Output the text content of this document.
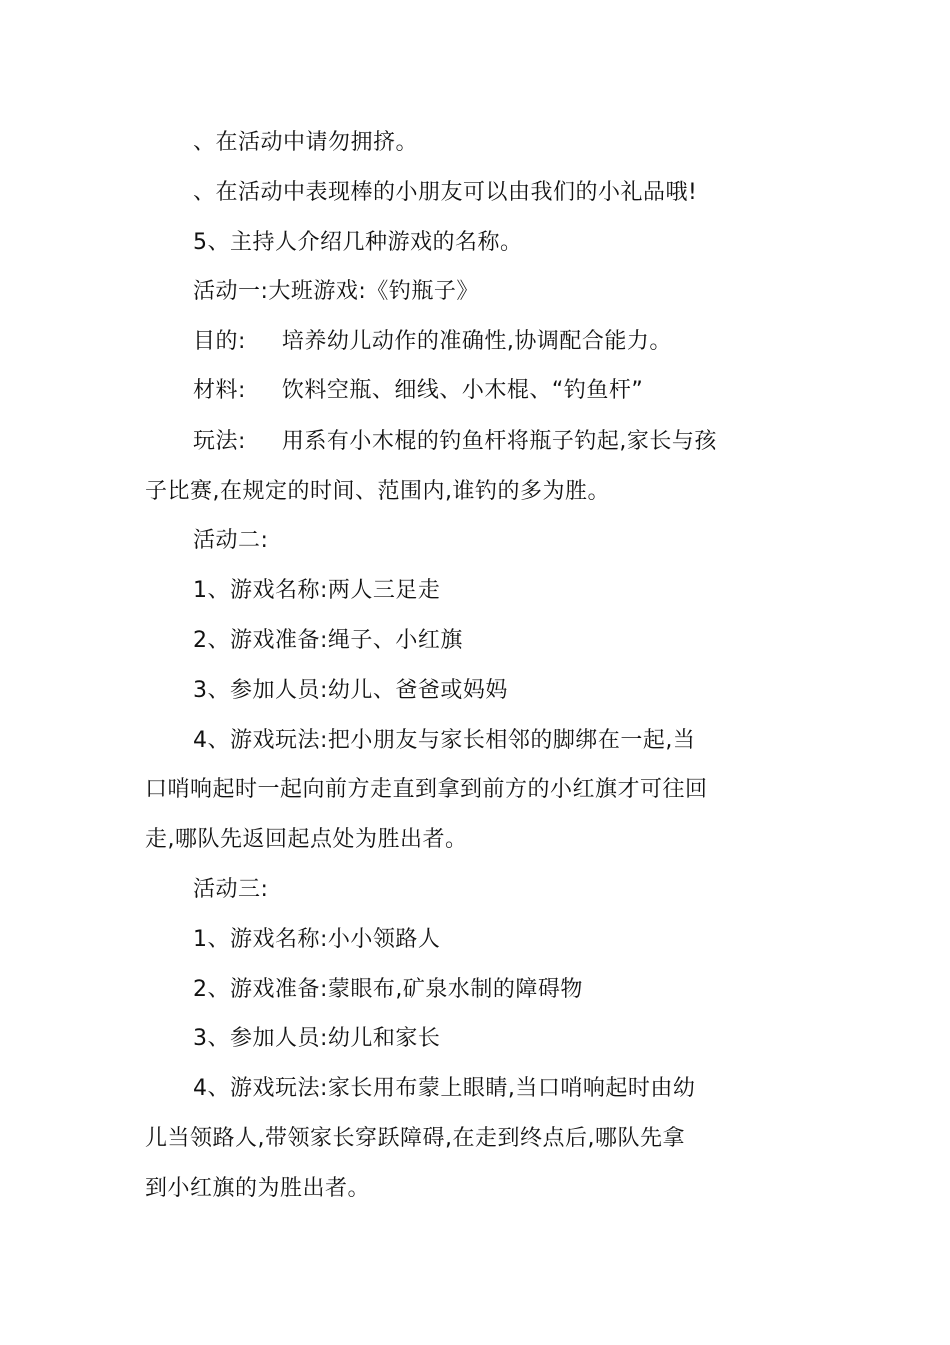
、在活动中请勿拥挤。
、在活动中表现棒的小朋友可以由我们的小礼品哦!
5、主持人介绍几种游戏的名称。
活动一:大班游戏:《钓瓶子》
目的: 培养幼儿动作的准确性,协调配合能力。
材料: 饮料空瓶、细线、小木棍、“钓鱼杆”
玩法: 用系有小木棍的钓鱼杆将瓶子钓起,家长与孩
子比赛,在规定的时间、范围内,谁钓的多为胜。
活动二:
1、游戏名称:两人三足走
2、游戏准备:绳子、小红旗
3、参加人员:幼儿、爸爸或妈妈
4、游戏玩法:把小朋友与家长相邻的脚绑在一起,当
口哨响起时一起向前方走直到拿到前方的小红旗才可往回
走,哪队先返回起点处为胜出者。
活动三:
1、游戏名称:小小领路人
2、游戏准备:蒙眼布,矿泉水制的障碍物
3、参加人员:幼儿和家长
4、游戏玩法:家长用布蒙上眼睛,当口哨响起时由幼
儿当领路人,带领家长穿跃障碍,在走到终点后,哪队先拿
到小红旗的为胜出者。
